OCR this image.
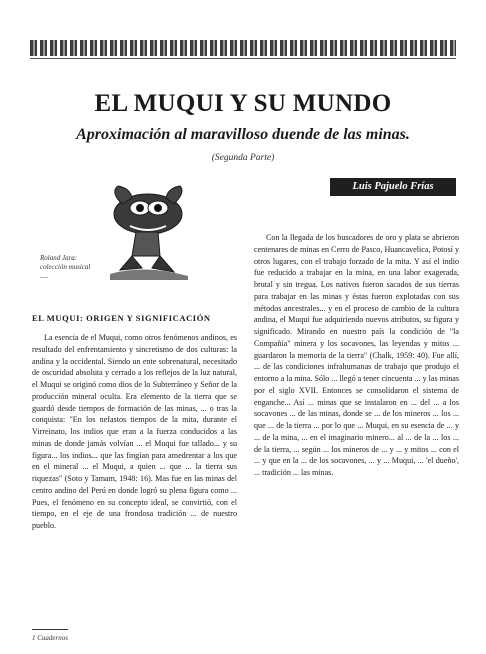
EL MUQUI Y SU MUNDO
Aproximación al maravilloso duende de las minas.
(Segunda Parte)
Luis Pajuelo Frías
Roland Jara: colección musical .....
EL MUQUI: ORIGEN Y SIGNIFICACIÓN

La esencia de el Muqui, como otros fenómenos andinos, es resultado del enfrentamiento y sincretismo de dos culturas: la andina y la occidental. Siendo un ente sobrenatural, necesitado de oscuridad absoluta y cerrado a los reflejos de la luz natural, el Muqui se originó como dios de lo Subterráneo y Señor de la producción mineral oculta. Era elemento de la tierra que se guardó desde tiempos de formación de las minas, ... o tras la conquista: "En los nefastos tiempos de la mita, durante el Virreinato, los indios que eran a la fuerza conducidos a las minas de donde jamás volvían ... el Muqui fue tallado... y su figura... los indios... que las fingían para amedrentar a los que en el mineral ... el Muqui, a quien ... que ... la tierra sus riquezas" (Soto y Tamam, 1948: 16). Mas fue en las minas del centro andino del Perú en donde logró su plena figura como ... Pues, el fenómeno en su concepto ideal, se convirtió, con el tiempo, en el eje de una frondosa tradición ... de nuestro pueblo.

Con la llegada de los buscadores de oro y plata se abrieron centenares de minas en Cerro de Pasco, Huancavelica, Potosí y otros lugares, con el trabajo forzado de la mita. Y así el indio fue reducido a trabajar en la mina, en una labor exagerada, brutal y sin tregua. Los nativos fueron sacados de sus tierras para trabajar en las minas y éstas fueron explotadas con sus métodos ancestrales... y en el proceso de cambio de la cultura andina, el Muqui fue adquiriendo nuevos atributos, su figura y significado. Mirando en nuestro país la condición de "la Compañía" minera y los socavones, las leyendas y mitos ... guardaron la memoria de la tierra" (Chalk, 1959: 40). Fue allí, ... de las condiciones infrahumanas de trabajo que produjo el entorno a la mina. Sólo ... llegó a tener cincuenta ... y las minas por el siglo XVII. Entonces se consolidaron el sistema de enganche... Así ... minas que se instalaron en ... del ... a los socavones ... de las minas, donde se ... de los mineros ... los ... que ... de la tierra ... por lo que ... Muqui, en su esencia de ... y ... de la mina, ... en el imaginario minero... al ... de la ... los ... de la tierra, ... según ... los mineros de ... y ... y mitos ... con el ... y que en la ... de los socavones, ... y ... Muqui, ... 'el dueño', ... tradición ... las minas.

1 Cuadernos
